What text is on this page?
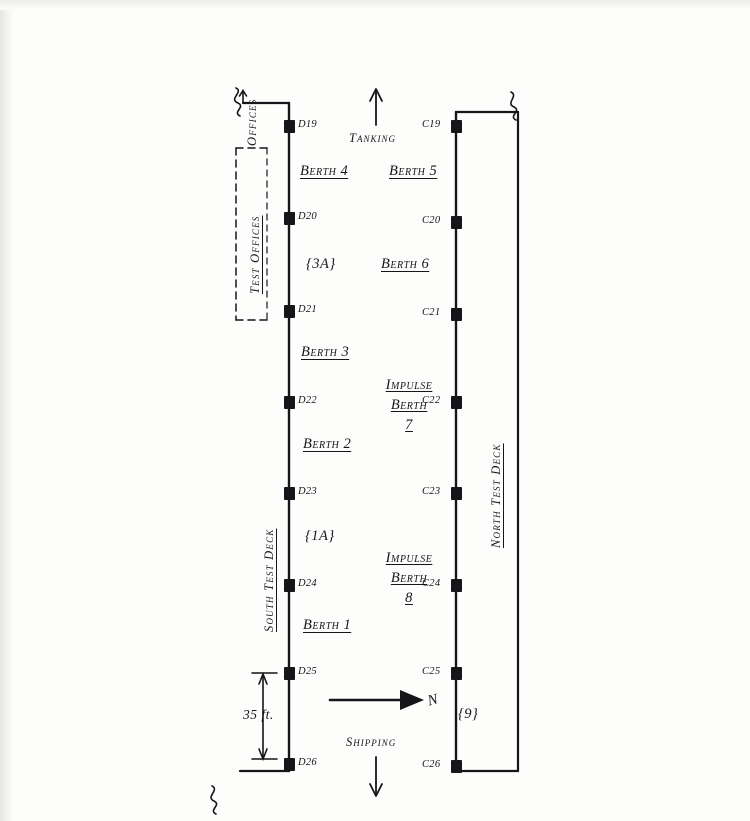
D19
D20
D21
D22
D23
D24
D25
D26
C19
C20
C21
C22
C23
C24
C25
C26
Berth 4	Berth 5
{3A}	Berth 6
Berth 3
Berth 2
{1A}
Berth 1
{9}
Impulse
Berth
7
Impulse
Berth
8
Offices
Test Offices
South Test Deck
North Test Deck
Tanking
Shipping
N
35 ft.
